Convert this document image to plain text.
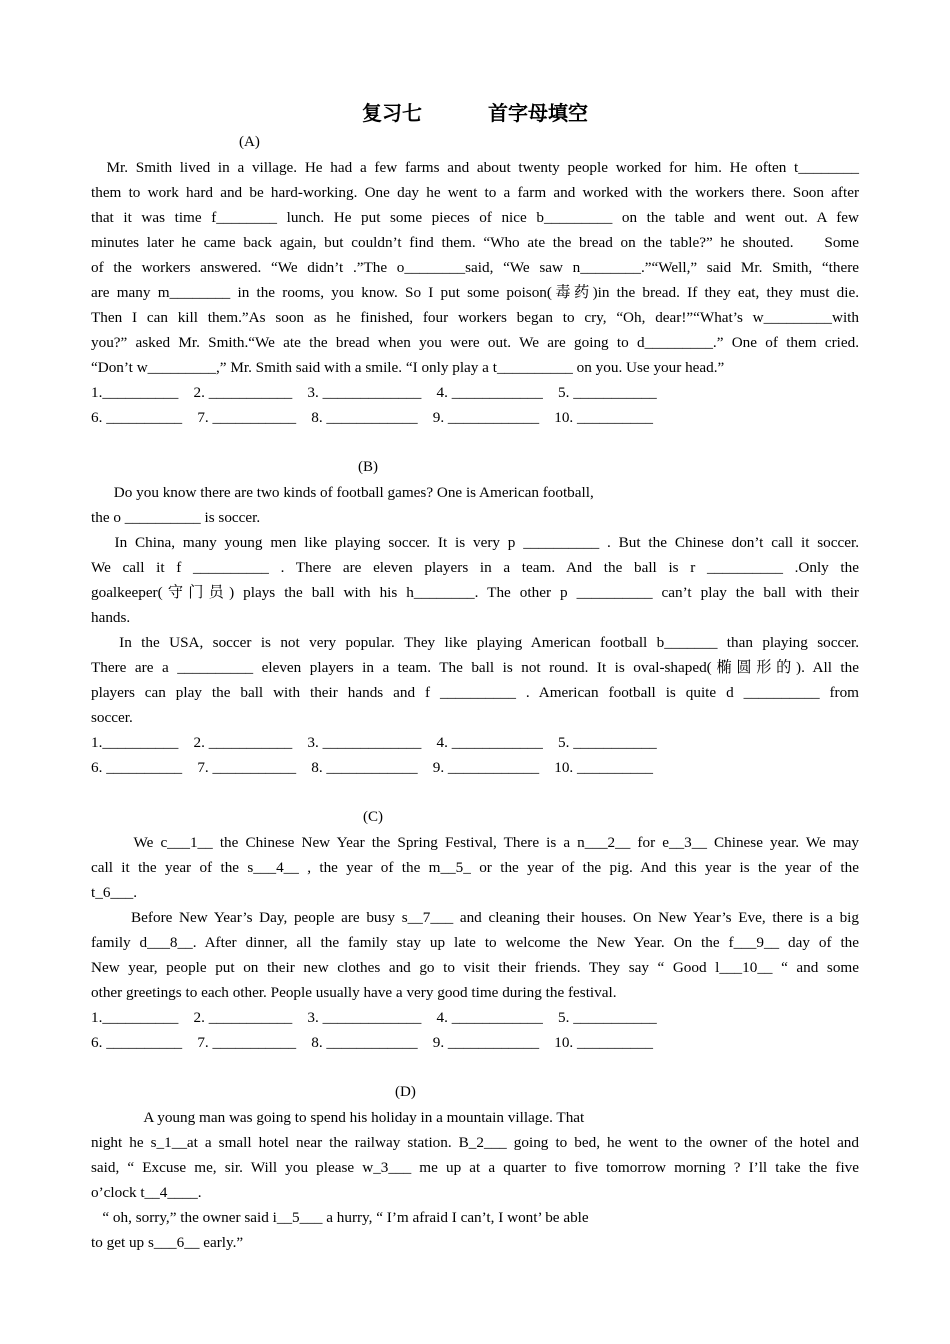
复习七	首字母填空
(A)

Mr. Smith lived in a village. He had a few farms and about twenty people worked for him. He often t________

them to work hard and be hard-working. One day he went to a farm and worked with the workers there. Soon after

that it was time f________ lunch. He put some pieces of nice b_________ on the table and went out. A few

minutes later he came back again, but couldn’t find them. “Who ate the bread on the table?” he shouted.    Some

of the workers answered. “We didn’t .”The o________said, “We saw n________.”“Well,” said Mr. Smith, “there

are many m________ in the rooms, you know. So I put some poison(毒药)in the bread. If they eat, they must die.

Then I can kill them.”As soon as he finished, four workers began to cry, “Oh, dear!”“What’s w_________with

you?” asked Mr. Smith.“We ate the bread when you were out. We are going to d_________.” One of them cried.

“Don’t w_________,” Mr. Smith said with a smile. “I only play a t__________ on you. Use your head.”

1.__________    2. ___________    3. _____________    4. ____________    5. ___________
6. __________    7. ___________    8. ____________    9. ____________    10. __________
(B)

Do you know there are two kinds of football games? One is American football,

the o __________ is soccer.

In China, many young men like playing soccer. It is very p __________ . But the Chinese don’t call it soccer.

We call it f __________ . There are eleven players in a team. And the ball is r __________ .Only the

goalkeeper(守门员) plays the ball with his h________. The other p __________ can’t play the ball with their

hands.

In the USA, soccer is not very popular. They like playing American football b_______ than playing soccer.

There are a __________ eleven players in a team. The ball is not round. It is oval-shaped(椭圆形的). All the

players can play the ball with their hands and f __________ . American football is quite d __________ from

soccer.

1.__________    2. ___________    3. _____________    4. ____________    5. ___________
6. __________    7. ___________    8. ____________    9. ____________    10. __________
(C)

We c___1__ the Chinese New Year the Spring Festival, There is a n___2__ for e__3__ Chinese year. We may

call it the year of the s___4__ , the year of the m__5_ or the year of the pig. And this year is the year of the

t_6___.

Before New Year’s Day, people are busy s__7___ and cleaning their houses. On New Year’s Eve, there is a big

family d___8__. After dinner, all the family stay up late to welcome the New Year. On the f___9__ day of the

New year, people put on their new clothes and go to visit their friends. They say “ Good l___10__ “ and some

other greetings to each other. People usually have a very good time during the festival.

1.__________    2. ___________    3. _____________    4. ____________    5. ___________
6. __________    7. ___________    8. ____________    9. ____________    10. __________
(D)

A young man was going to spend his holiday in a mountain village. That

night he s_1__at a small hotel near the railway station. B_2___ going to bed, he went to the owner of the hotel and

said, “ Excuse me, sir. Will you please w_3___ me up at a quarter to five tomorrow morning ? I’ll take the five

o’clock t__4____.

“ oh, sorry,” the owner said i__5___ a hurry, “ I’m afraid I can’t, I wont’ be able

to get up s___6__ early.”
